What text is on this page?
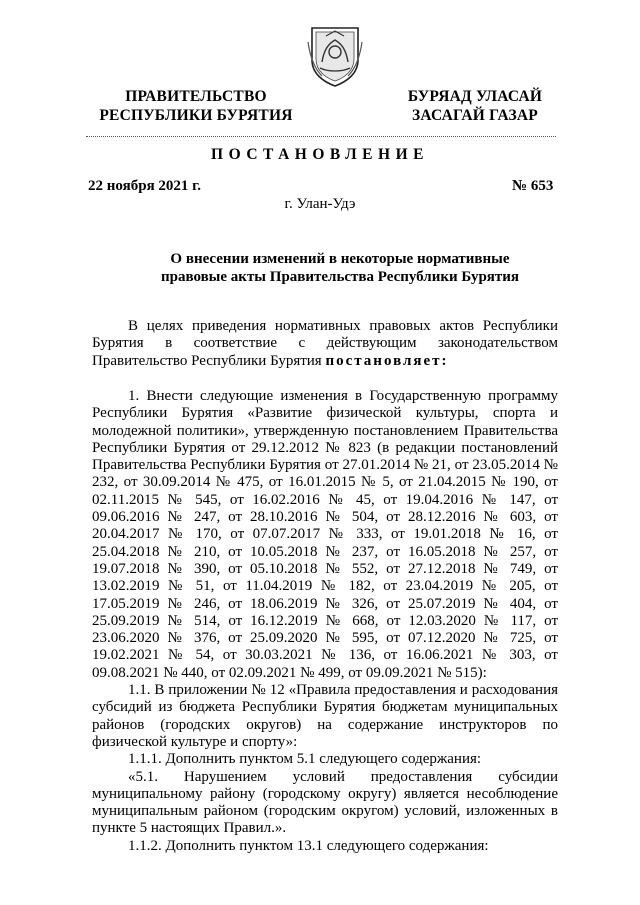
ПРАВИТЕЛЬСТВО
РЕСПУБЛИКИ БУРЯТИЯ
БУРЯАД УЛАСАЙ
ЗАСАГАЙ ГАЗАР
ПОСТАНОВЛЕНИЕ
22 ноября 2021 г.	№ 653
г. Улан-Удэ
О внесении изменений в некоторые нормативные
правовые акты Правительства Республики Бурятия

В целях приведения нормативных правовых актов Республики Бурятия в соответствие с действующим законодательством Правительство Республики Бурятия постановляет:

1. Внести следующие изменения в Государственную программу Республики Бурятия «Развитие физической культуры, спорта и молодежной политики», утвержденную постановлением Правительства Республики Бурятия от 29.12.2012 № 823 (в редакции постановлений Правительства Республики Бурятия от 27.01.2014 № 21, от 23.05.2014 № 232, от 30.09.2014 № 475, от 16.01.2015 № 5, от 21.04.2015 № 190, от 02.11.2015 № 545, от 16.02.2016 № 45, от 19.04.2016 № 147, от 09.06.2016 № 247, от 28.10.2016 № 504, от 28.12.2016 № 603, от 20.04.2017 № 170, от 07.07.2017 № 333, от 19.01.2018 № 16, от 25.04.2018 № 210, от 10.05.2018 № 237, от 16.05.2018 № 257, от 19.07.2018 № 390, от 05.10.2018 № 552, от 27.12.2018 № 749, от 13.02.2019 № 51, от 11.04.2019 № 182, от 23.04.2019 № 205, от 17.05.2019 № 246, от 18.06.2019 № 326, от 25.07.2019 № 404, от 25.09.2019 № 514, от 16.12.2019 № 668, от 12.03.2020 № 117, от 23.06.2020 № 376, от 25.09.2020 № 595, от 07.12.2020 № 725, от 19.02.2021 № 54, от 30.03.2021 № 136, от 16.06.2021 № 303, от 09.08.2021 № 440, от 02.09.2021 № 499, от 09.09.2021 № 515):

1.1. В приложении № 12 «Правила предоставления и расходования субсидий из бюджета Республики Бурятия бюджетам муниципальных районов (городских округов) на содержание инструкторов по физической культуре и спорту»:

1.1.1. Дополнить пунктом 5.1 следующего содержания:

«5.1. Нарушением условий предоставления субсидии муниципальному району (городскому округу) является несоблюдение муниципальным районом (городским округом) условий, изложенных в пункте 5 настоящих Правил.».

1.1.2. Дополнить пунктом 13.1 следующего содержания:
